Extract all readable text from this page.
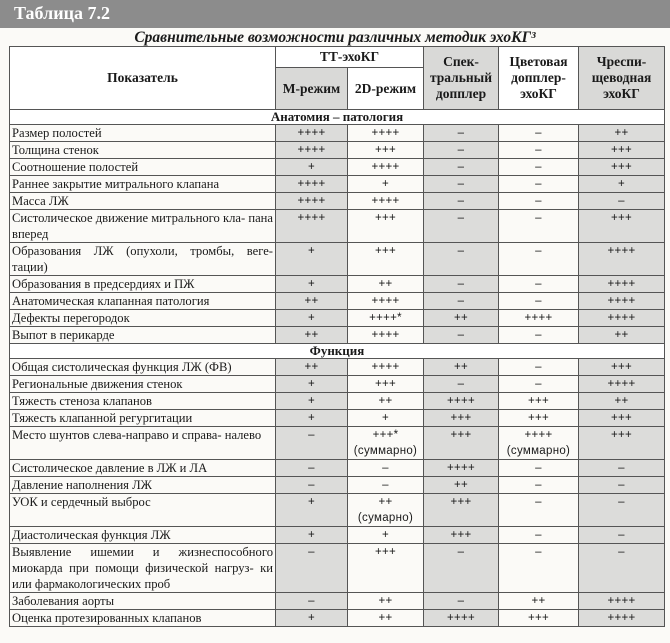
Таблица 7.2
Сравнительные возможности различных методик эхоКГ³
Показатель	ТТ-эхоКГ		Спек- тральный допплер	Цветовая допплер- эхоКГ	Чреспи- щеводная эхоКГ
	М-режим	2D-режим			
Анатомия – патология					
Размер полостей	++++	++++	–	–	++
Толщина стенок	++++	+++	–	–	+++
Соотношение полостей	+	++++	–	–	+++
Раннее закрытие митрального клапана	++++	+	–	–	+
Масса ЛЖ	++++	++++	–	–	–
Систолическое движение митрального кла- пана вперед	++++	+++	–	–	+++
Образования ЛЖ (опухоли, тромбы, веге- тации)	+	+++	–	–	++++
Образования в предсердиях и ПЖ	+	++	–	–	++++
Анатомическая клапанная патология	++	++++	–	–	++++
Дефекты перегородок	+	++++*	++	++++	++++
Выпот в перикарде	++	++++	–	–	++
Функция					
Общая систолическая функция ЛЖ (ФВ)	++	++++	++	–	+++
Региональные движения стенок	+	+++	–	–	++++
Тяжесть стеноза клапанов	+	++	++++	+++	++
Тяжесть клапанной регургитации	+	+	+++	+++	+++
Место шунтов слева-направо и справа- налево	–	+++* (суммарно)	+++	++++ (суммарно)	+++
Систолическое давление в ЛЖ и ЛА	–	–	++++	–	–
Давление наполнения ЛЖ	–	–	++	–	–
УОК и сердечный выброс	+	++ (сумарно)	+++	–	–
Диастолическая функция ЛЖ	+	+	+++	–	–
Выявление ишемии и жизнеспособного миокарда при помощи физической нагруз- ки или фармакологических проб	–	+++	–	–	–
Заболевания аорты	–	++	–	++	++++
Оценка протезированных клапанов	+	++	++++	+++	++++
